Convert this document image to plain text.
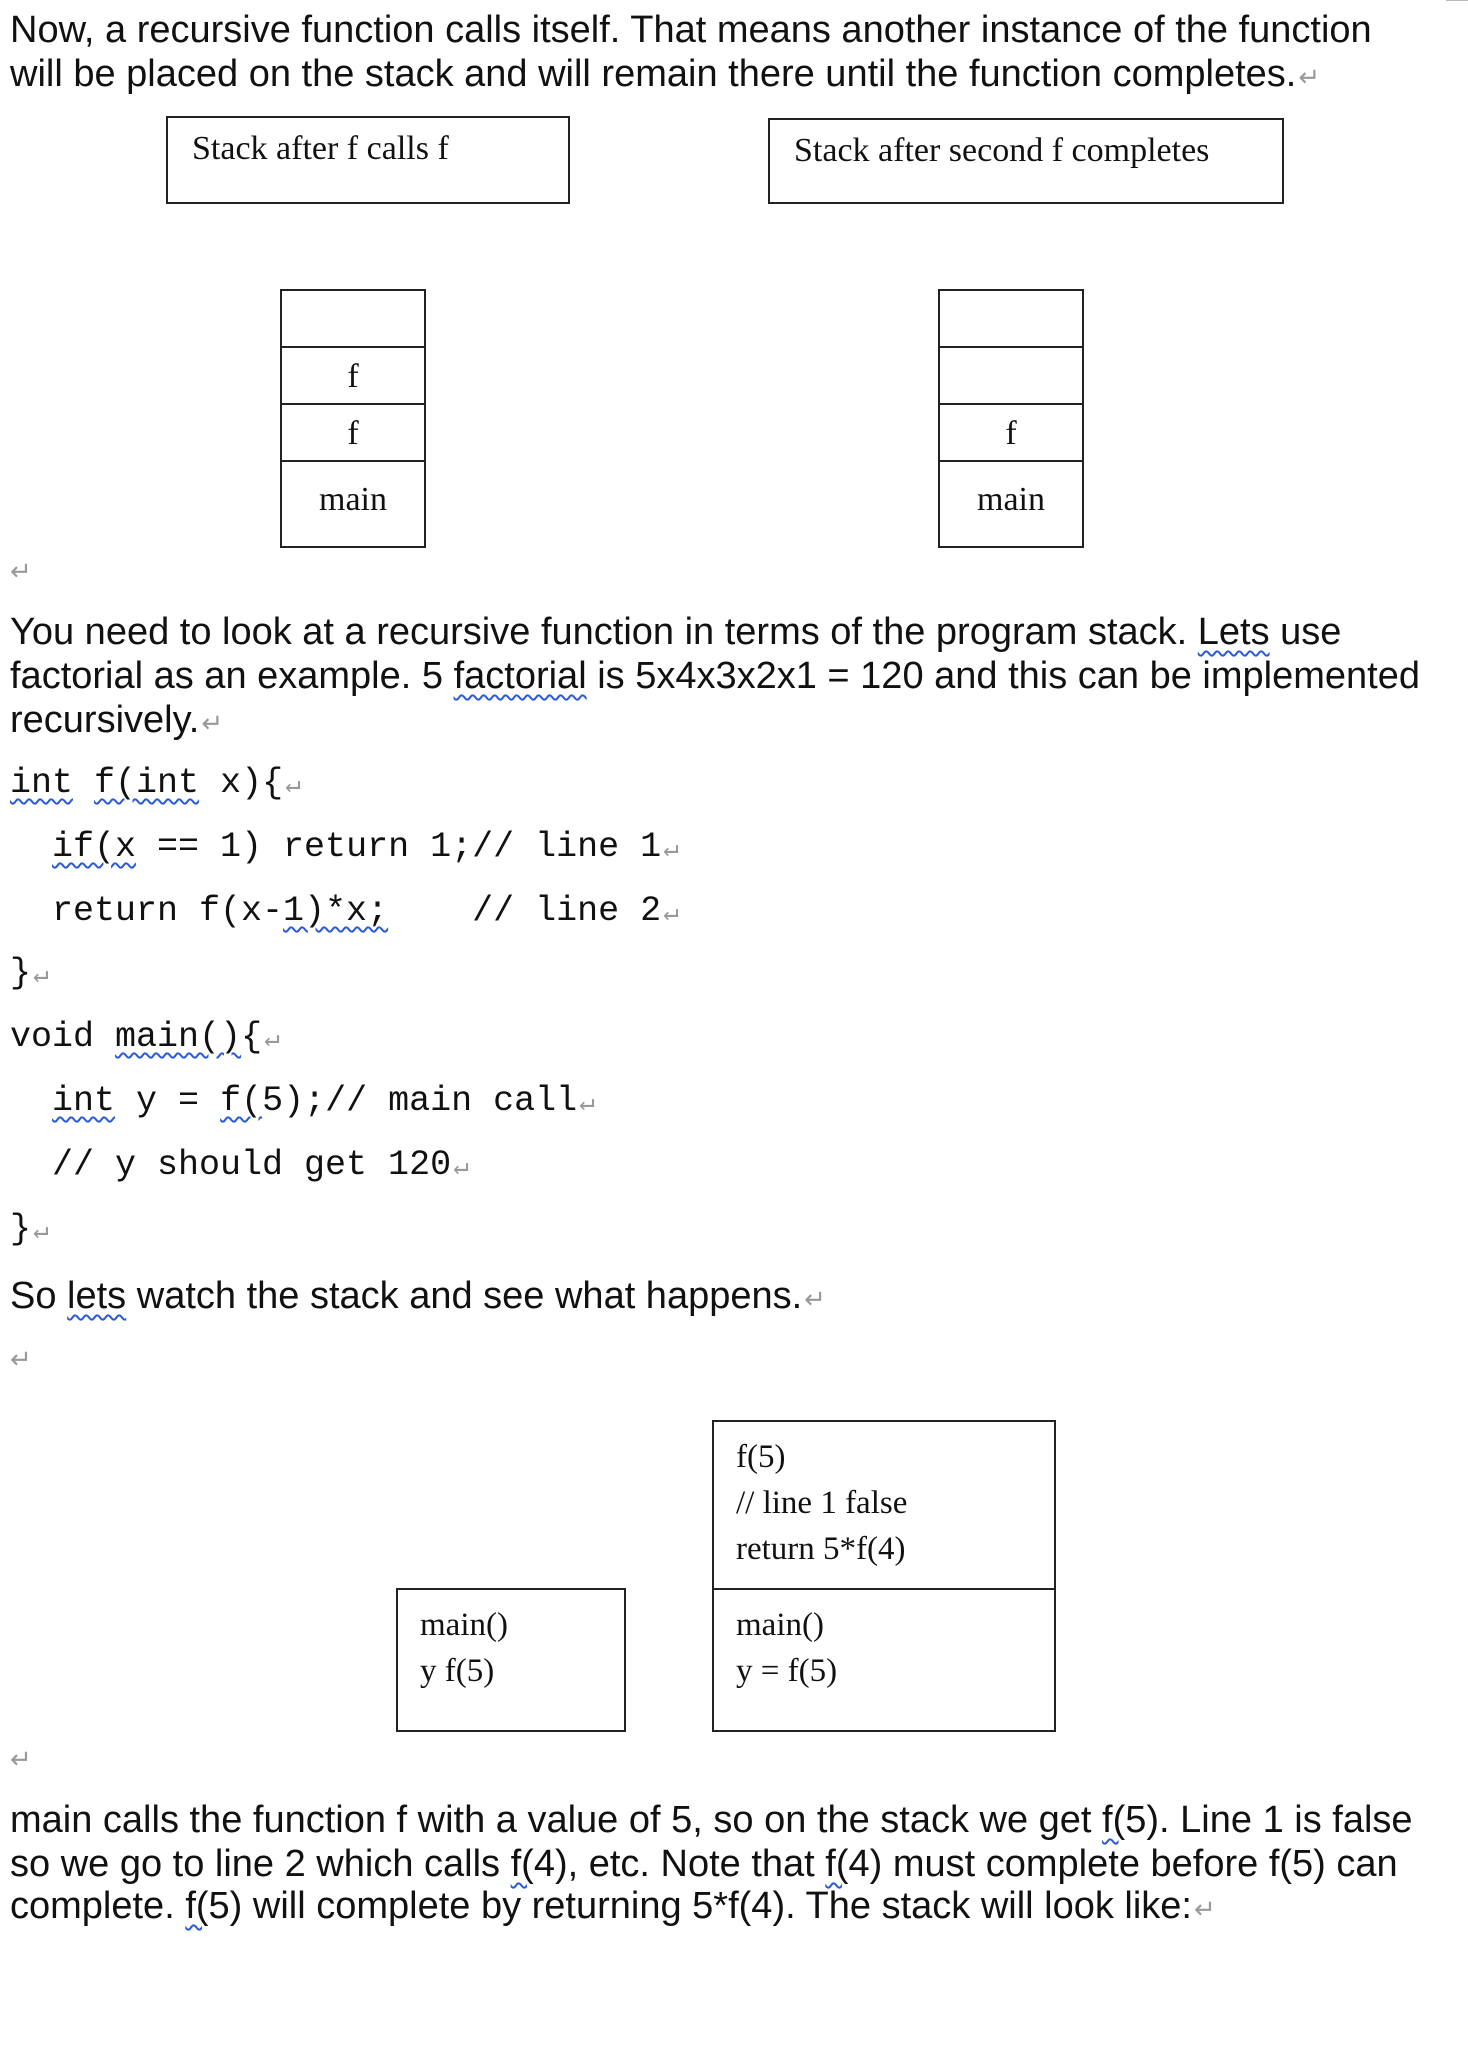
Now, a recursive function calls itself. That means another instance of the function
will be placed on the stack and will remain there until the function completes.↵
Stack after f calls f	Stack after second f completes
f
f
main
f
main
↵
You need to look at a recursive function in terms of the program stack. Lets use
factorial as an example. 5 factorial is 5x4x3x2x1 = 120 and this can be implemented
recursively.↵
int f(int x){↵
if(x == 1) return 1;// line 1↵
return f(x-1)*x;    // line 2↵
}↵
void main(){↵
int y = f(5);// main call↵
// y should get 120↵
}↵
So lets watch the stack and see what happens.↵
↵
main()
y f(5)
f(5)
// line 1 false
return 5*f(4)
main()
y = f(5)
↵
main calls the function f with a value of 5, so on the stack we get f(5). Line 1 is false
so we go to line 2 which calls f(4), etc. Note that f(4) must complete before f(5) can
complete. f(5) will complete by returning 5*f(4). The stack will look like:↵
